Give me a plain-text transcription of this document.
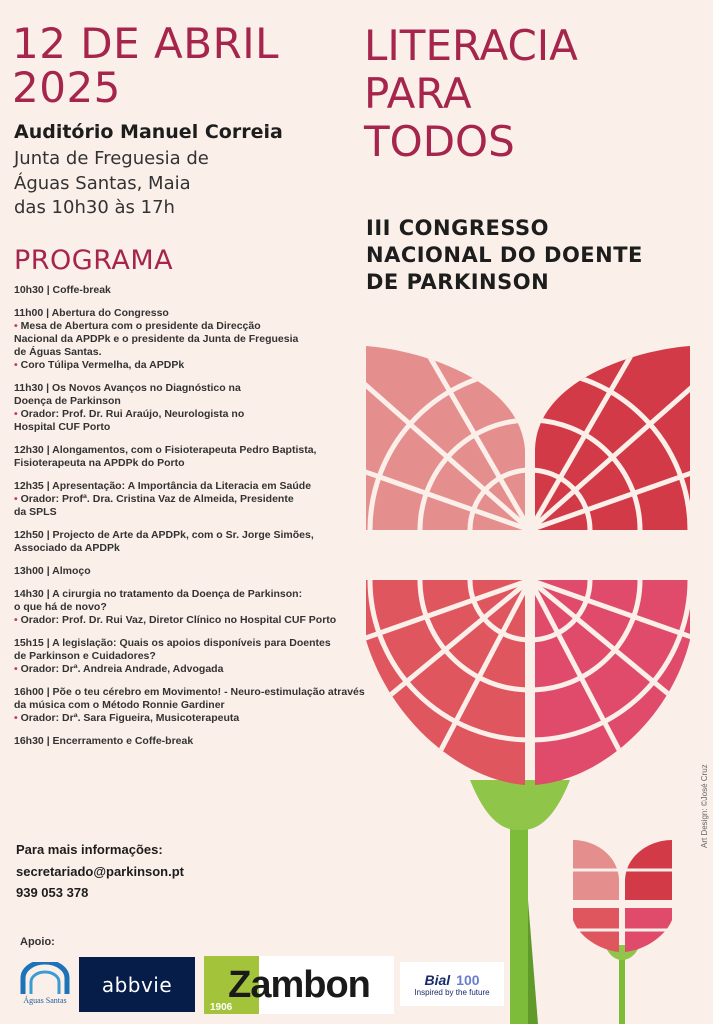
12 DE ABRIL
2025
Auditório Manuel Correia
Junta de Freguesia de
Águas Santas, Maia
das 10h30 às 17h
LITERACIA
PARA
TODOS
III CONGRESSO
NACIONAL DO DOENTE
DE PARKINSON
PROGRAMA
10h30 | Coffe-break
11h00 | Abertura do Congresso
• Mesa de Abertura com o presidente da Direcção
Nacional da APDPk e o presidente da Junta de Freguesia
de Águas Santas.
• Coro Túlipa Vermelha, da APDPk
11h30 | Os Novos Avanços no Diagnóstico na
Doença de Parkinson
• Orador: Prof. Dr. Rui Araújo, Neurologista no
Hospital CUF Porto
12h30 | Alongamentos, com o Fisioterapeuta Pedro Baptista,
Fisioterapeuta na APDPk do Porto
12h35 | Apresentação: A Importância da Literacia em Saúde
• Orador: Profª. Dra. Cristina Vaz de Almeida, Presidente
da SPLS
12h50 | Projecto de Arte da APDPk, com o Sr. Jorge Simões,
Associado da APDPk
13h00 | Almoço
14h30 | A cirurgia no tratamento da Doença de Parkinson:
o que há de novo?
• Orador: Prof. Dr. Rui Vaz, Diretor Clínico no Hospital CUF Porto
15h15 | A legislação: Quais os apoios disponíveis para Doentes
de Parkinson e Cuidadores?
• Orador: Drª. Andreia Andrade, Advogada
16h00 | Põe o teu cérebro em Movimento! - Neuro-estimulação através
da música com o Método Ronnie Gardiner
• Orador: Drª. Sara Figueira, Musicoterapeuta
16h30 | Encerramento e Coffe-break
Para mais informações:
secretariado@parkinson.pt
939 053 378
Apoio:
Art Design: ©José Cruz
Águas Santas
abbvie
1906
Zambon	Bial 100
Inspired by the future
